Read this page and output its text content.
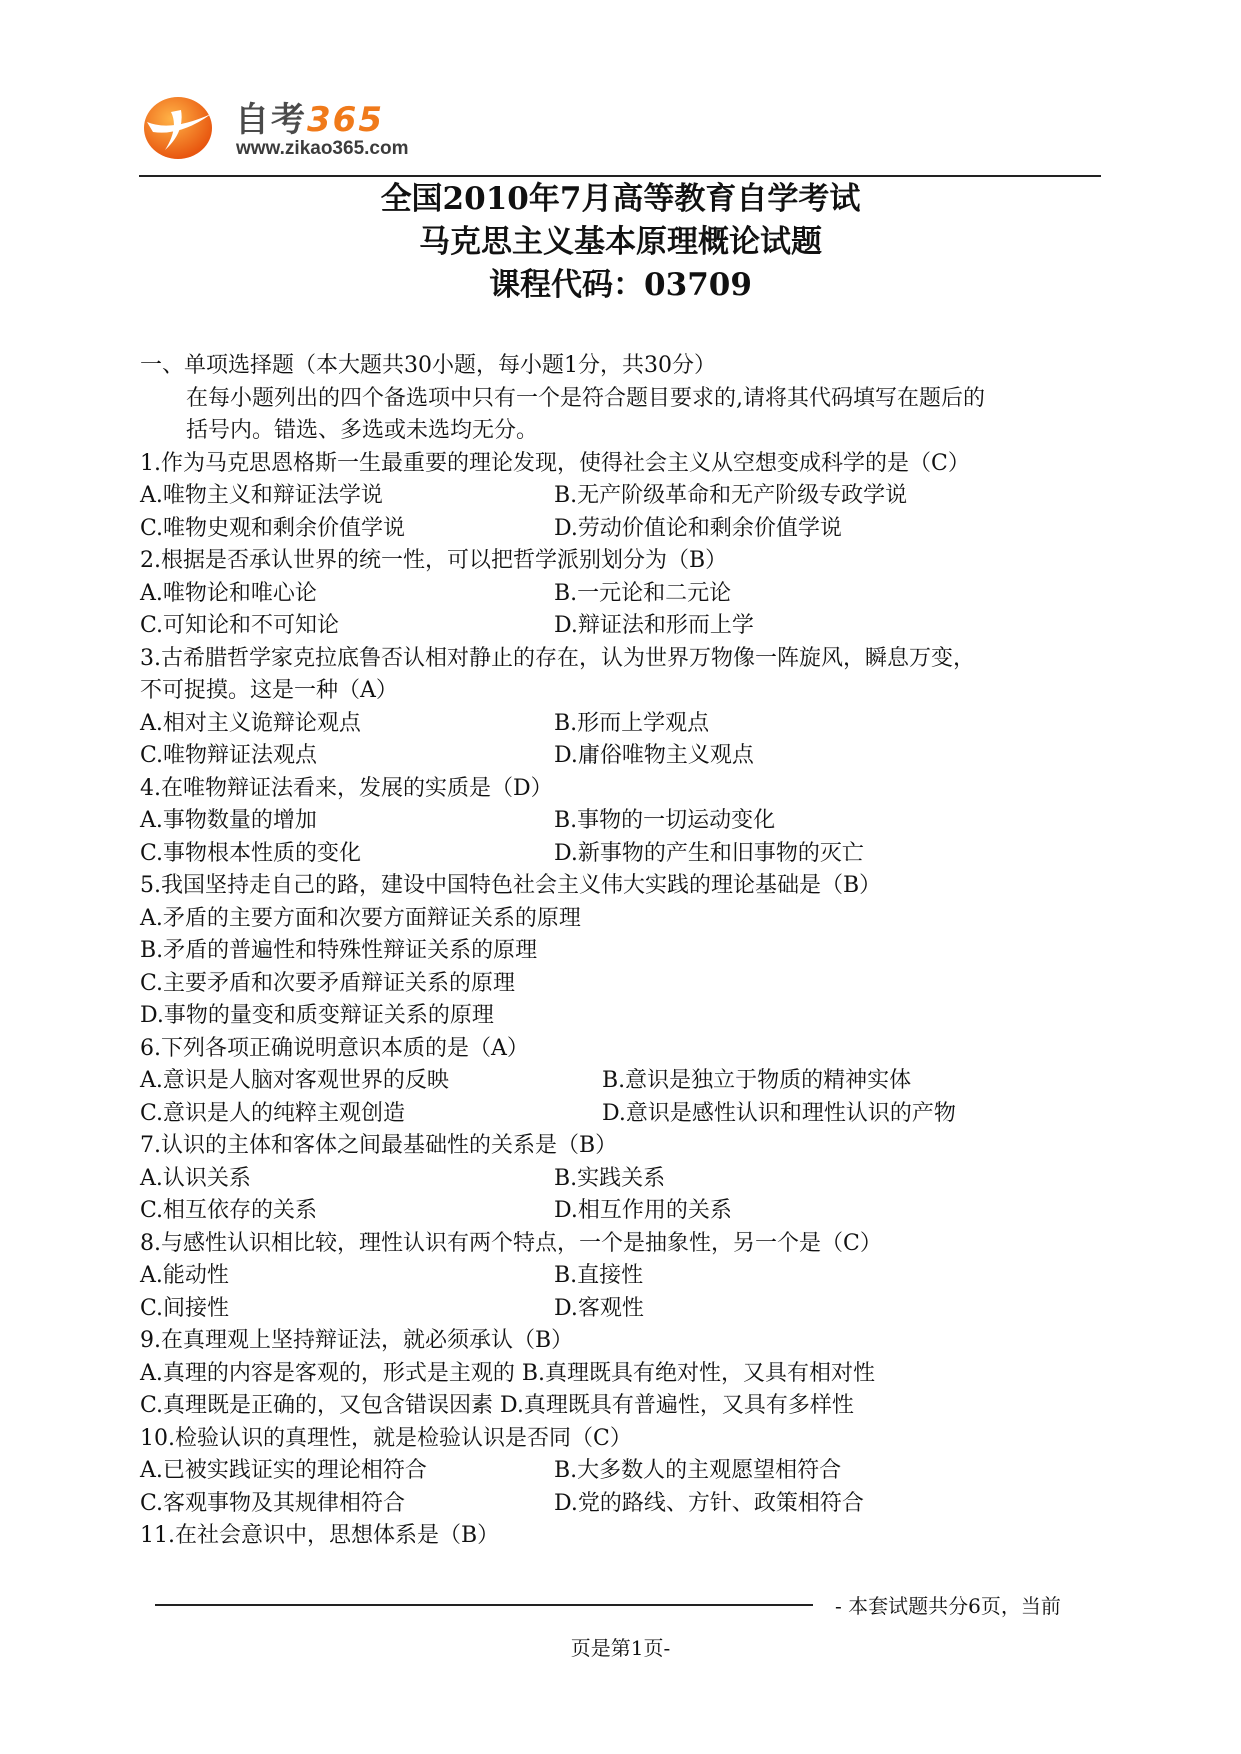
自考365
www.zikao365.com
全国2010年7月高等教育自学考试
马克思主义基本原理概论试题
课程代码：03709
一、单项选择题（本大题共30小题，每小题1分，共30分）
在每小题列出的四个备选项中只有一个是符合题目要求的,请将其代码填写在题后的
括号内。错选、多选或未选均无分。
1.作为马克思恩格斯一生最重要的理论发现，使得社会主义从空想变成科学的是（C）
A.唯物主义和辩证法学说	B.无产阶级革命和无产阶级专政学说
C.唯物史观和剩余价值学说	D.劳动价值论和剩余价值学说
2.根据是否承认世界的统一性，可以把哲学派别划分为（B）
A.唯物论和唯心论	B.一元论和二元论
C.可知论和不可知论	D.辩证法和形而上学
3.古希腊哲学家克拉底鲁否认相对静止的存在，认为世界万物像一阵旋风，瞬息万变，
不可捉摸。这是一种（A）
A.相对主义诡辩论观点	B.形而上学观点
C.唯物辩证法观点	D.庸俗唯物主义观点
4.在唯物辩证法看来，发展的实质是（D）
A.事物数量的增加	B.事物的一切运动变化
C.事物根本性质的变化	D.新事物的产生和旧事物的灭亡
5.我国坚持走自己的路，建设中国特色社会主义伟大实践的理论基础是（B）
A.矛盾的主要方面和次要方面辩证关系的原理
B.矛盾的普遍性和特殊性辩证关系的原理
C.主要矛盾和次要矛盾辩证关系的原理
D.事物的量变和质变辩证关系的原理
6.下列各项正确说明意识本质的是（A）
A.意识是人脑对客观世界的反映	B.意识是独立于物质的精神实体
C.意识是人的纯粹主观创造	D.意识是感性认识和理性认识的产物
7.认识的主体和客体之间最基础性的关系是（B）
A.认识关系	B.实践关系
C.相互依存的关系	D.相互作用的关系
8.与感性认识相比较，理性认识有两个特点，一个是抽象性，另一个是（C）
A.能动性	B.直接性
C.间接性	D.客观性
9.在真理观上坚持辩证法，就必须承认（B）
A.真理的内容是客观的，形式是主观的 B.真理既具有绝对性，又具有相对性
C.真理既是正确的，又包含错误因素 D.真理既具有普遍性，又具有多样性
10.检验认识的真理性，就是检验认识是否同（C）
A.已被实践证实的理论相符合	B.大多数人的主观愿望相符合
C.客观事物及其规律相符合	D.党的路线、方针、政策相符合
11.在社会意识中，思想体系是（B）
- 本套试题共分6页，当前
页是第1页-
